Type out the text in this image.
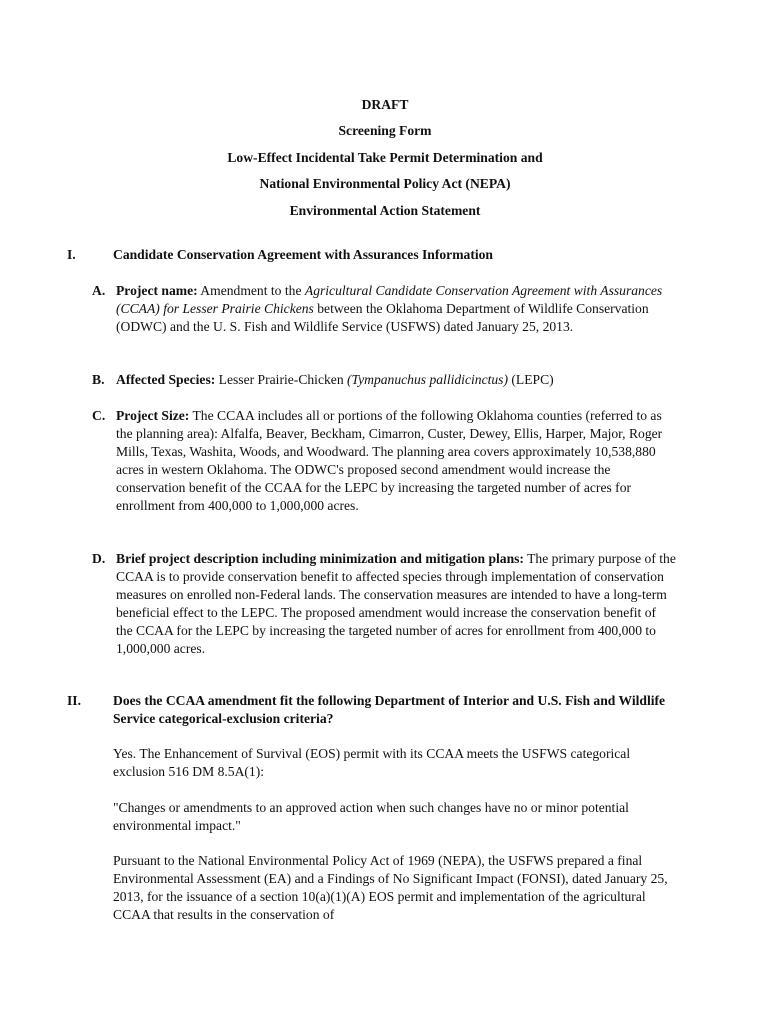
DRAFT
Screening Form
Low-Effect Incidental Take Permit Determination and
National Environmental Policy Act (NEPA)
Environmental Action Statement
I.	Candidate Conservation Agreement with Assurances Information
A. Project name: Amendment to the Agricultural Candidate Conservation Agreement with Assurances (CCAA) for Lesser Prairie Chickens between the Oklahoma Department of Wildlife Conservation (ODWC) and the U. S. Fish and Wildlife Service (USFWS) dated January 25, 2013.
B. Affected Species: Lesser Prairie-Chicken (Tympanuchus pallidicinctus) (LEPC)
C. Project Size: The CCAA includes all or portions of the following Oklahoma counties (referred to as the planning area): Alfalfa, Beaver, Beckham, Cimarron, Custer, Dewey, Ellis, Harper, Major, Roger Mills, Texas, Washita, Woods, and Woodward. The planning area covers approximately 10,538,880 acres in western Oklahoma. The ODWC's proposed second amendment would increase the conservation benefit of the CCAA for the LEPC by increasing the targeted number of acres for enrollment from 400,000 to 1,000,000 acres.
D. Brief project description including minimization and mitigation plans: The primary purpose of the CCAA is to provide conservation benefit to affected species through implementation of conservation measures on enrolled non-Federal lands. The conservation measures are intended to have a long-term beneficial effect to the LEPC. The proposed amendment would increase the conservation benefit of the CCAA for the LEPC by increasing the targeted number of acres for enrollment from 400,000 to 1,000,000 acres.
II. Does the CCAA amendment fit the following Department of Interior and U.S. Fish and Wildlife Service categorical-exclusion criteria?
Yes. The Enhancement of Survival (EOS) permit with its CCAA meets the USFWS categorical exclusion 516 DM 8.5A(1):
"Changes or amendments to an approved action when such changes have no or minor potential environmental impact."
Pursuant to the National Environmental Policy Act of 1969 (NEPA), the USFWS prepared a final Environmental Assessment (EA) and a Findings of No Significant Impact (FONSI), dated January 25, 2013, for the issuance of a section 10(a)(1)(A) EOS permit and implementation of the agricultural CCAA that results in the conservation of
